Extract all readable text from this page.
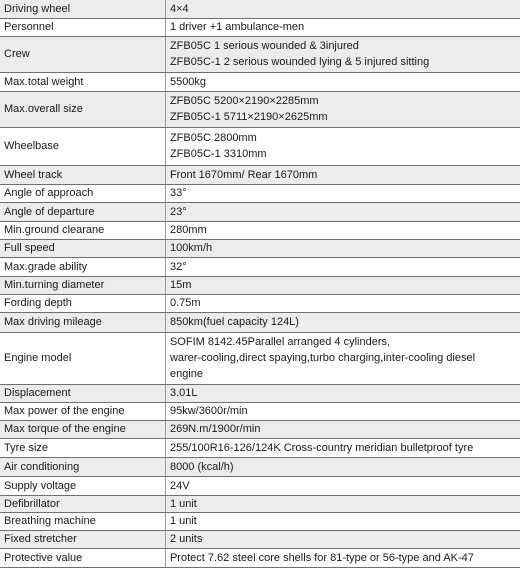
Driving wheel	4×4

Personnel	1 driver +1 ambulance-men

Crew	ZFB05C 1 serious wounded & 3injured
ZFB05C-1 2 serious wounded lying & 5 injured sitting

Max.total weight	5500kg

Max.overall size	ZFB05C 5200×2190×2285mm
ZFB05C-1 5711×2190×2625mm

Wheelbase	ZFB05C 2800mm
ZFB05C-1 3310mm

Wheel track	Front 1670mm/ Rear 1670mm

Angle of approach	33°

Angle of departure	23°

Min.ground clearane	280mm

Full speed	100km/h

Max.grade ability	32°

Min.turning diameter	15m

Fording depth	0.75m

Max driving mileage	850km(fuel capacity 124L)

Engine model	SOFIM 8142.45Parallel arranged 4 cylinders,
warer-cooling,direct spaying,turbo charging,inter-cooling diesel
engine

Displacement	3.01L

Max power of the engine	95kw/3600r/min

Max torque of the engine	269N.m/1900r/min

Tyre size	255/100R16-126/124K Cross-country meridian bulletproof tyre

Air conditioning	8000 (kcal/h)

Supply voltage	24V

Defibrillator	1 unit

Breathing machine	1 unit

Fixed stretcher	2 units

Protective value	Protect 7.62 steel core shells for 81-type or 56-type and AK-47
